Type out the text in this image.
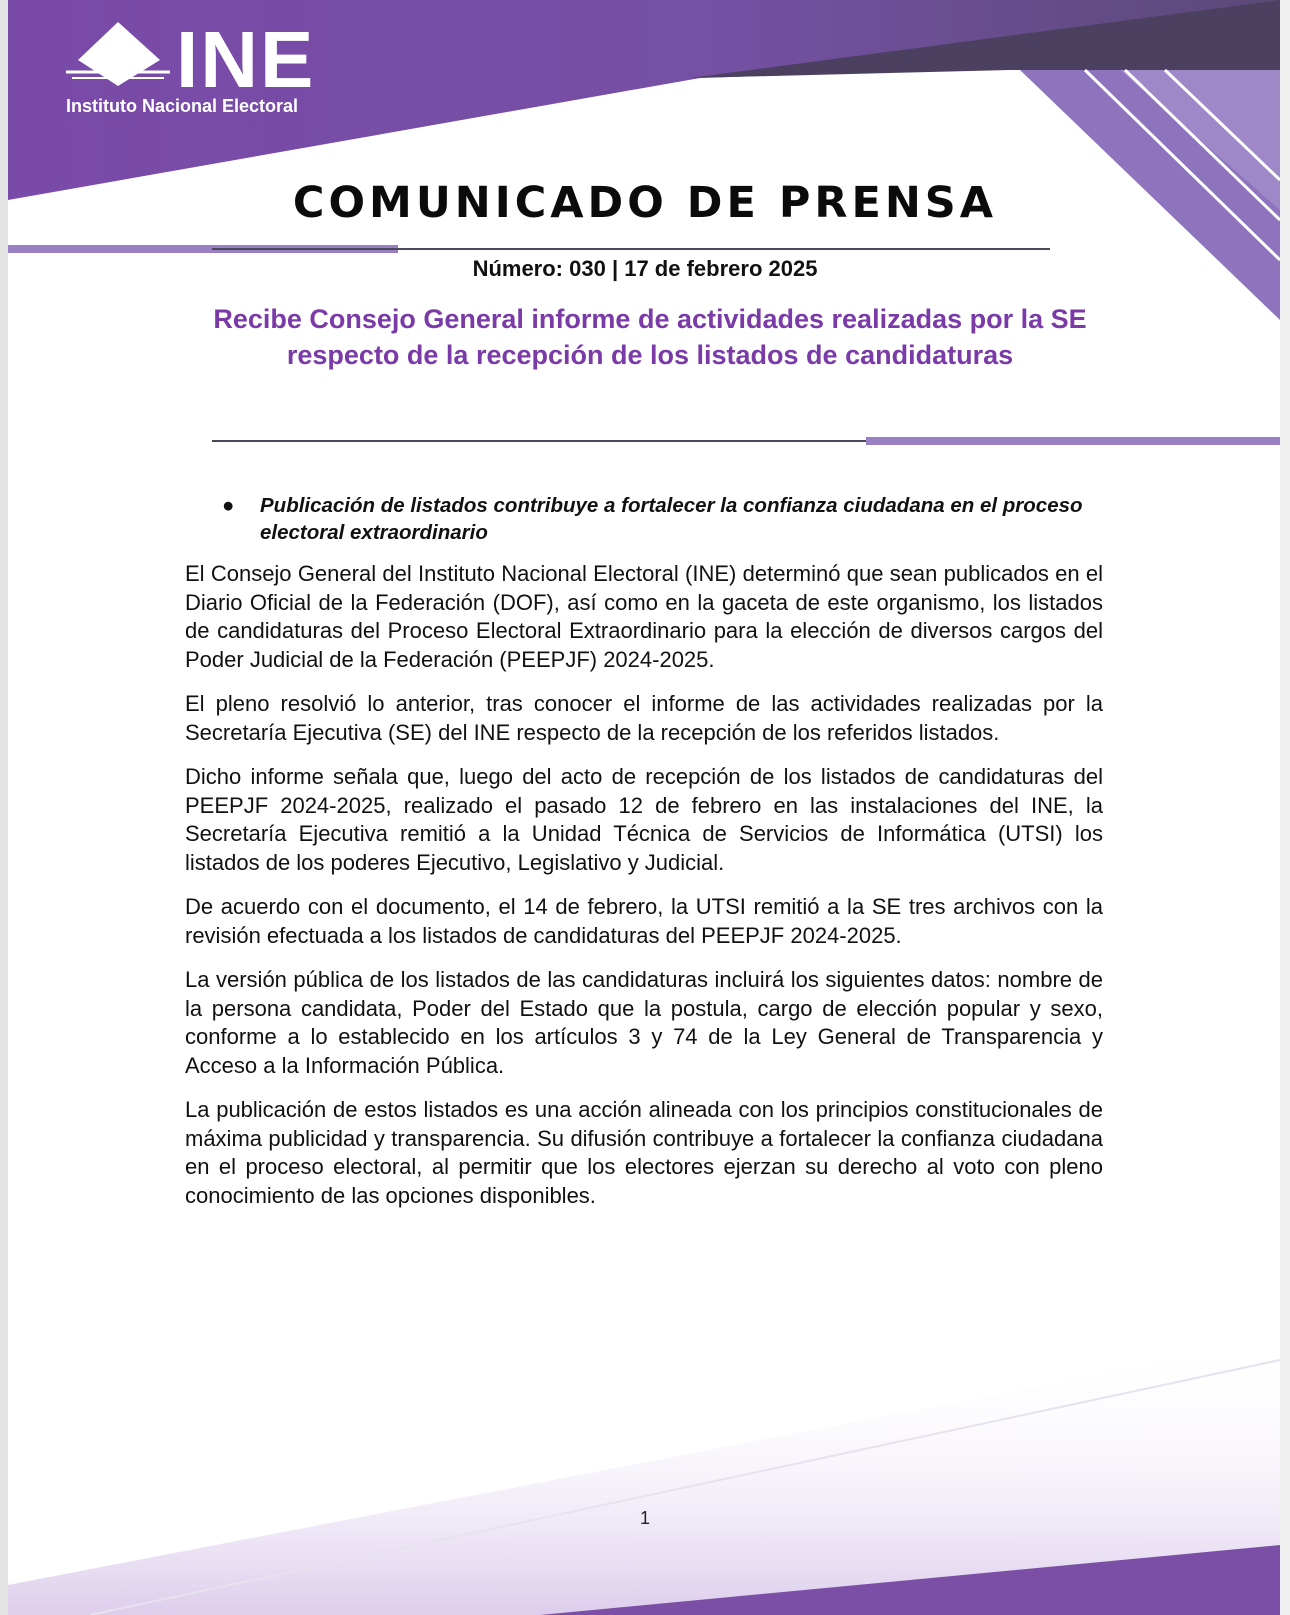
INE
Instituto Nacional Electoral
COMUNICADO DE PRENSA
Número: 030 | 17 de febrero 2025
Recibe Consejo General informe de actividades realizadas por la SE respecto de la recepción de los listados de candidaturas
● Publicación de listados contribuye a fortalecer la confianza ciudadana en el proceso electoral extraordinario

El Consejo General del Instituto Nacional Electoral (INE) determinó que sean publicados en el Diario Oficial de la Federación (DOF), así como en la gaceta de este organismo, los listados de candidaturas del Proceso Electoral Extraordinario para la elección de diversos cargos del Poder Judicial de la Federación (PEEPJF) 2024-2025.

El pleno resolvió lo anterior, tras conocer el informe de las actividades realizadas por la Secretaría Ejecutiva (SE) del INE respecto de la recepción de los referidos listados.

Dicho informe señala que, luego del acto de recepción de los listados de candidaturas del PEEPJF 2024-2025, realizado el pasado 12 de febrero en las instalaciones del INE, la Secretaría Ejecutiva remitió a la Unidad Técnica de Servicios de Informática (UTSI) los listados de los poderes Ejecutivo, Legislativo y Judicial.

De acuerdo con el documento, el 14 de febrero, la UTSI remitió a la SE tres archivos con la revisión efectuada a los listados de candidaturas del PEEPJF 2024-2025.

La versión pública de los listados de las candidaturas incluirá los siguientes datos: nombre de la persona candidata, Poder del Estado que la postula, cargo de elección popular y sexo, conforme a lo establecido en los artículos 3 y 74 de la Ley General de Transparencia y Acceso a la Información Pública.

La publicación de estos listados es una acción alineada con los principios constitucionales de máxima publicidad y transparencia. Su difusión contribuye a fortalecer la confianza ciudadana en el proceso electoral, al permitir que los electores ejerzan su derecho al voto con pleno conocimiento de las opciones disponibles.

1
